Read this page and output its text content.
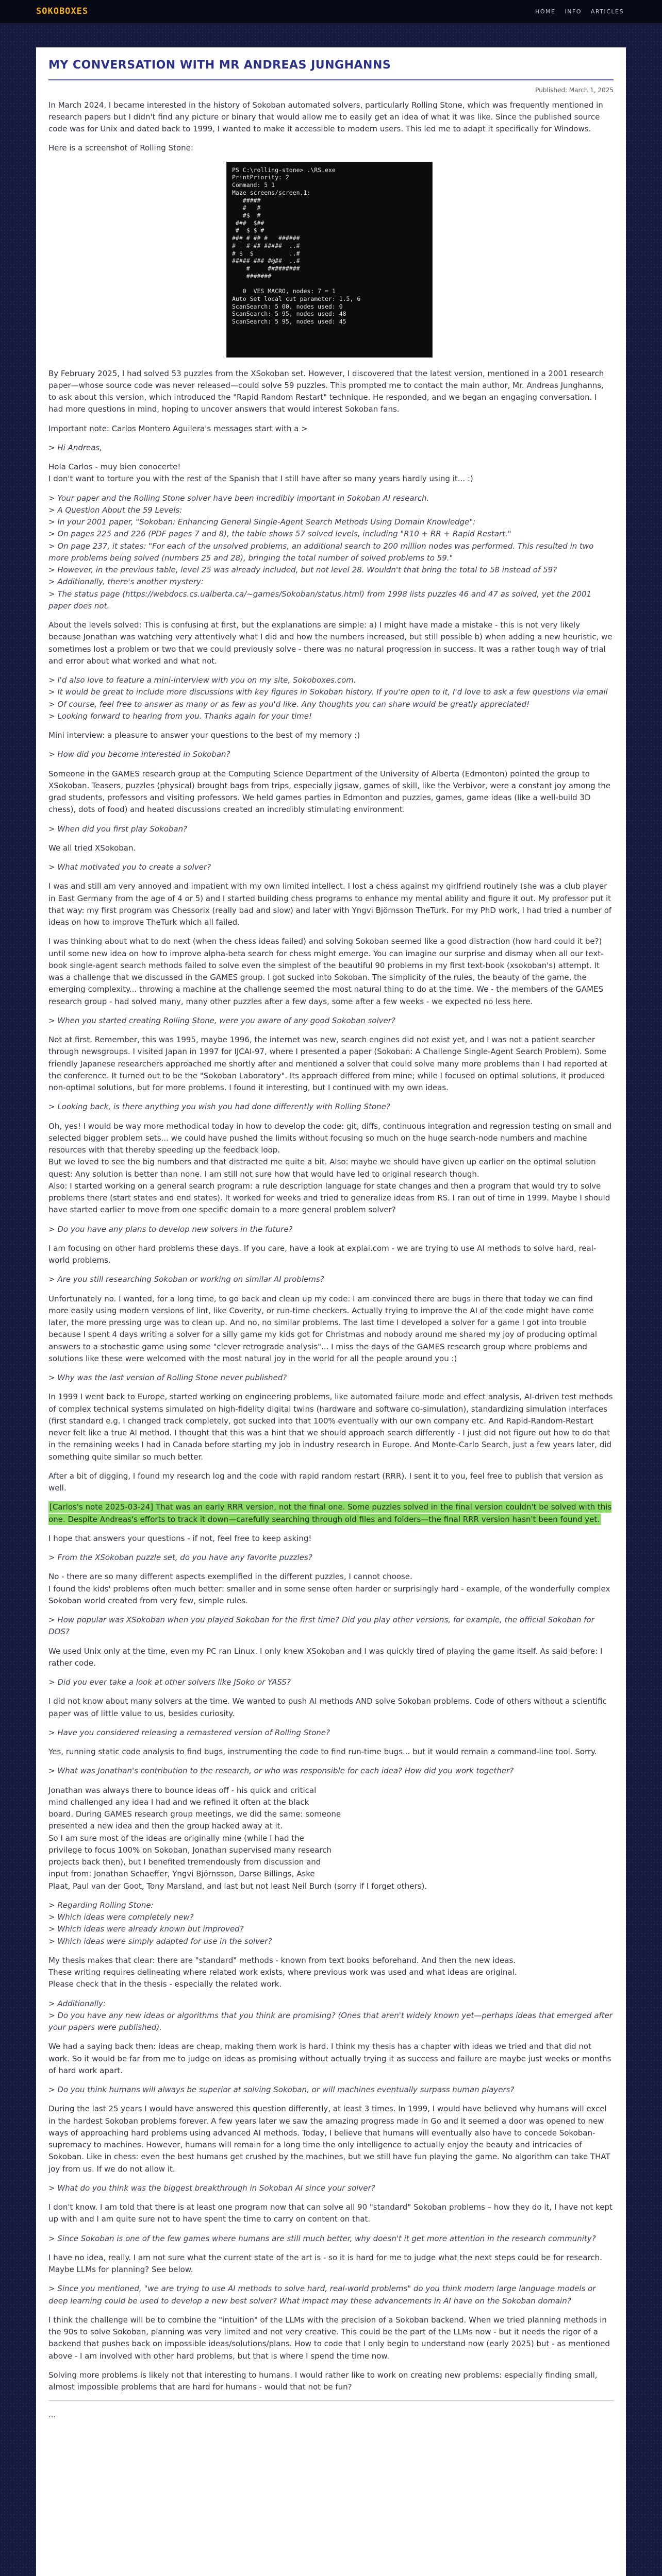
SOKOBOXES	HOME INFO ARTICLES
MY CONVERSATION WITH MR ANDREAS JUNGHANNS
Published: March 1, 2025

In March 2024, I became interested in the history of Sokoban automated solvers, particularly Rolling Stone, which was frequently mentioned in research papers but I didn't find any picture or binary that would allow me to easily get an idea of what it was like. Since the published source code was for Unix and dated back to 1999, I wanted to make it accessible to modern users. This led me to adapt it specifically for Windows.

Here is a screenshot of Rolling Stone:

PS C:\rolling-stone> .\RS.exe
PrintPriority: 2
Command: 5 1
Maze screens/screen.1:
#####
#   #
#$  #
###  $##
#  $ $ #
### # ## #   ######
#   # ## #####  ..#
# $  $          ..#
##### ### #@##  ..#
#     #########
#######

0  VES MACRO, nodes: 7 = 1
Auto Set local cut parameter: 1.5, 6
ScanSearch: 5 00, nodes used: 0
ScanSearch: 5 95, nodes used: 48
ScanSearch: 5 95, nodes used: 45

By February 2025, I had solved 53 puzzles from the XSokoban set. However, I discovered that the latest version, mentioned in a 2001 research paper—whose source code was never released—could solve 59 puzzles. This prompted me to contact the main author, Mr. Andreas Junghanns, to ask about this version, which introduced the "Rapid Random Restart" technique. He responded, and we began an engaging conversation. I had more questions in mind, hoping to uncover answers that would interest Sokoban fans.

Important note: Carlos Montero Aguilera's messages start with a >

> Hi Andreas,

Hola Carlos - muy bien conocerte!
I don't want to torture you with the rest of the Spanish that I still have after so many years hardly using it... :)

> Your paper and the Rolling Stone solver have been incredibly important in Sokoban AI research.
> A Question About the 59 Levels:
> In your 2001 paper, "Sokoban: Enhancing General Single-Agent Search Methods Using Domain Knowledge":
> On pages 225 and 226 (PDF pages 7 and 8), the table shows 57 solved levels, including "R10 + RR + Rapid Restart."
> On page 237, it states: "For each of the unsolved problems, an additional search to 200 million nodes was performed. This resulted in two more problems being solved (numbers 25 and 28), bringing the total number of solved problems to 59."
> However, in the previous table, level 25 was already included, but not level 28. Wouldn't that bring the total to 58 instead of 59?
> Additionally, there's another mystery:
> The status page (https://webdocs.cs.ualberta.ca/~games/Sokoban/status.html) from 1998 lists puzzles 46 and 47 as solved, yet the 2001 paper does not.

About the levels solved: This is confusing at first, but the explanations are simple: a) I might have made a mistake - this is not very likely because Jonathan was watching very attentively what I did and how the numbers increased, but still possible b) when adding a new heuristic, we sometimes lost a problem or two that we could previously solve - there was no natural progression in success. It was a rather tough way of trial and error about what worked and what not.

> I'd also love to feature a mini-interview with you on my site, Sokoboxes.com.
> It would be great to include more discussions with key figures in Sokoban history. If you're open to it, I'd love to ask a few questions via email
> Of course, feel free to answer as many or as few as you'd like. Any thoughts you can share would be greatly appreciated!
> Looking forward to hearing from you. Thanks again for your time!

Mini interview: a pleasure to answer your questions to the best of my memory :)

> How did you become interested in Sokoban?

Someone in the GAMES research group at the Computing Science Department of the University of Alberta (Edmonton) pointed the group to XSokoban. Teasers, puzzles (physical) brought bags from trips, especially jigsaw, games of skill, like the Verbivor, were a constant joy among the grad students, professors and visiting professors. We held games parties in Edmonton and puzzles, games, game ideas (like a well-build 3D chess), dots of food) and heated discussions created an incredibly stimulating environment.

> When did you first play Sokoban?

We all tried XSokoban.

> What motivated you to create a solver?

I was and still am very annoyed and impatient with my own limited intellect. I lost a chess against my girlfriend routinely (she was a club player in East Germany from the age of 4 or 5) and I started building chess programs to enhance my mental ability and figure it out. My professor put it that way: my first program was Chessorix (really bad and slow) and later with Yngvi Björnsson TheTurk. For my PhD work, I had tried a number of ideas on how to improve TheTurk which all failed.

I was thinking about what to do next (when the chess ideas failed) and solving Sokoban seemed like a good distraction (how hard could it be?) until some new idea on how to improve alpha-beta search for chess might emerge. You can imagine our surprise and dismay when all our text-book single-agent search methods failed to solve even the simplest of the beautiful 90 problems in my first text-book (xsokoban's) attempt. It was a challenge that we discussed in the GAMES group. I got sucked into Sokoban. The simplicity of the rules, the beauty of the game, the emerging complexity... throwing a machine at the challenge seemed the most natural thing to do at the time. We - the members of the GAMES research group - had solved many, many other puzzles after a few days, some after a few weeks - we expected no less here.

> When you started creating Rolling Stone, were you aware of any good Sokoban solver?

Not at first. Remember, this was 1995, maybe 1996, the internet was new, search engines did not exist yet, and I was not a patient searcher through newsgroups. I visited Japan in 1997 for IJCAI-97, where I presented a paper (Sokoban: A Challenge Single-Agent Search Problem). Some friendly Japanese researchers approached me shortly after and mentioned a solver that could solve many more problems than I had reported at the conference. It turned out to be the "Sokoban Laboratory". Its approach differed from mine; while I focused on optimal solutions, it produced non-optimal solutions, but for more problems. I found it interesting, but I continued with my own ideas.

> Looking back, is there anything you wish you had done differently with Rolling Stone?

Oh, yes! I would be way more methodical today in how to develop the code: git, diffs, continuous integration and regression testing on small and selected bigger problem sets... we could have pushed the limits without focusing so much on the huge search-node numbers and machine resources with that thereby speeding up the feedback loop.
But we loved to see the big numbers and that distracted me quite a bit. Also: maybe we should have given up earlier on the optimal solution quest: Any solution is better than none. I am still not sure how that would have led to original research though.
Also: I started working on a general search program: a rule description language for state changes and then a program that would try to solve problems there (start states and end states). It worked for weeks and tried to generalize ideas from RS. I ran out of time in 1999. Maybe I should have started earlier to move from one specific domain to a more general problem solver?

> Do you have any plans to develop new solvers in the future?

I am focusing on other hard problems these days. If you care, have a look at explai.com - we are trying to use AI methods to solve hard, real-world problems.

> Are you still researching Sokoban or working on similar AI problems?

Unfortunately no. I wanted, for a long time, to go back and clean up my code: I am convinced there are bugs in there that today we can find more easily using modern versions of lint, like Coverity, or run-time checkers. Actually trying to improve the AI of the code might have come later, the more pressing urge was to clean up. And no, no similar problems. The last time I developed a solver for a game I got into trouble because I spent 4 days writing a solver for a silly game my kids got for Christmas and nobody around me shared my joy of producing optimal answers to a stochastic game using some "clever retrograde analysis"... I miss the days of the GAMES research group where problems and solutions like these were welcomed with the most natural joy in the world for all the people around you :)

> Why was the last version of Rolling Stone never published?

In 1999 I went back to Europe, started working on engineering problems, like automated failure mode and effect analysis, AI-driven test methods of complex technical systems simulated on high-fidelity digital twins (hardware and software co-simulation), standardizing simulation interfaces (first standard e.g. I changed track completely, got sucked into that 100% eventually with our own company etc. And Rapid-Random-Restart never felt like a true AI method. I thought that this was a hint that we should approach search differently - I just did not figure out how to do that in the remaining weeks I had in Canada before starting my job in industry research in Europe. And Monte-Carlo Search, just a few years later, did something quite similar so much better.

After a bit of digging, I found my research log and the code with rapid random restart (RRR). I sent it to you, feel free to publish that version as well.

[Carlos's note 2025-03-24] That was an early RRR version, not the final one. Some puzzles solved in the final version couldn't be solved with this one. Despite Andreas's efforts to track it down—carefully searching through old files and folders—the final RRR version hasn't been found yet.

I hope that answers your questions - if not, feel free to keep asking!

> From the XSokoban puzzle set, do you have any favorite puzzles?

No - there are so many different aspects exemplified in the different puzzles, I cannot choose.
I found the kids' problems often much better: smaller and in some sense often harder or surprisingly hard - example, of the wonderfully complex Sokoban world created from very few, simple rules.

> How popular was XSokoban when you played Sokoban for the first time? Did you play other versions, for example, the official Sokoban for DOS?

We used Unix only at the time, even my PC ran Linux. I only knew XSokoban and I was quickly tired of playing the game itself. As said before: I rather code.

> Did you ever take a look at other solvers like JSoko or YASS?

I did not know about many solvers at the time. We wanted to push AI methods AND solve Sokoban problems. Code of others without a scientific paper was of little value to us, besides curiosity.

> Have you considered releasing a remastered version of Rolling Stone?

Yes, running static code analysis to find bugs, instrumenting the code to find run-time bugs... but it would remain a command-line tool. Sorry.

> What was Jonathan's contribution to the research, or who was responsible for each idea? How did you work together?

Jonathan was always there to bounce ideas off - his quick and critical
mind challenged any idea I had and we refined it often at the black
board. During GAMES research group meetings, we did the same: someone
presented a new idea and then the group hacked away at it.
So I am sure most of the ideas are originally mine (while I had the
privilege to focus 100% on Sokoban, Jonathan supervised many research
projects back then), but I benefited tremendously from discussion and
input from: Jonathan Schaeffer, Yngvi Björnsson, Darse Billings, Aske
Plaat, Paul van der Goot, Tony Marsland, and last but not least Neil Burch (sorry if I forget others).

> Regarding Rolling Stone:
> Which ideas were completely new?
> Which ideas were already known but improved?
> Which ideas were simply adapted for use in the solver?

My thesis makes that clear: there are "standard" methods - known from text books beforehand. And then the new ideas.
These writing requires delineating where related work exists, where previous work was used and what ideas are original.
Please check that in the thesis - especially the related work.

> Additionally:
> Do you have any new ideas or algorithms that you think are promising? (Ones that aren't widely known yet—perhaps ideas that emerged after your papers were published).

We had a saying back then: ideas are cheap, making them work is hard. I think my thesis has a chapter with ideas we tried and that did not work. So it would be far from me to judge on ideas as promising without actually trying it as success and failure are maybe just weeks or months of hard work apart.

> Do you think humans will always be superior at solving Sokoban, or will machines eventually surpass human players?

During the last 25 years I would have answered this question differently, at least 3 times. In 1999, I would have believed why humans will excel in the hardest Sokoban problems forever. A few years later we saw the amazing progress made in Go and it seemed a door was opened to new ways of approaching hard problems using advanced AI methods. Today, I believe that humans will eventually also have to concede Sokoban-supremacy to machines. However, humans will remain for a long time the only intelligence to actually enjoy the beauty and intricacies of Sokoban. Like in chess: even the best humans get crushed by the machines, but we still have fun playing the game. No algorithm can take THAT joy from us. If we do not allow it.

> What do you think was the biggest breakthrough in Sokoban AI since your solver?

I don't know. I am told that there is at least one program now that can solve all 90 "standard" Sokoban problems – how they do it, I have not kept up with and I am quite sure not to have spent the time to carry on content on that.

> Since Sokoban is one of the few games where humans are still much better, why doesn't it get more attention in the research community?

I have no idea, really. I am not sure what the current state of the art is - so it is hard for me to judge what the next steps could be for research. Maybe LLMs for planning? See below.

> Since you mentioned, "we are trying to use AI methods to solve hard, real-world problems" do you think modern large language models or deep learning could be used to develop a new best solver? What impact may these advancements in AI have on the Sokoban domain?

I think the challenge will be to combine the "intuition" of the LLMs with the precision of a Sokoban backend. When we tried planning methods in the 90s to solve Sokoban, planning was very limited and not very creative. This could be the part of the LLMs now - but it needs the rigor of a backend that pushes back on impossible ideas/solutions/plans. How to code that I only begin to understand now (early 2025) but - as mentioned above - I am involved with other hard problems, but that is where I spend the time now.

Solving more problems is likely not that interesting to humans. I would rather like to work on creating new problems: especially finding small, almost impossible problems that are hard for humans - would that not be fun?

...
